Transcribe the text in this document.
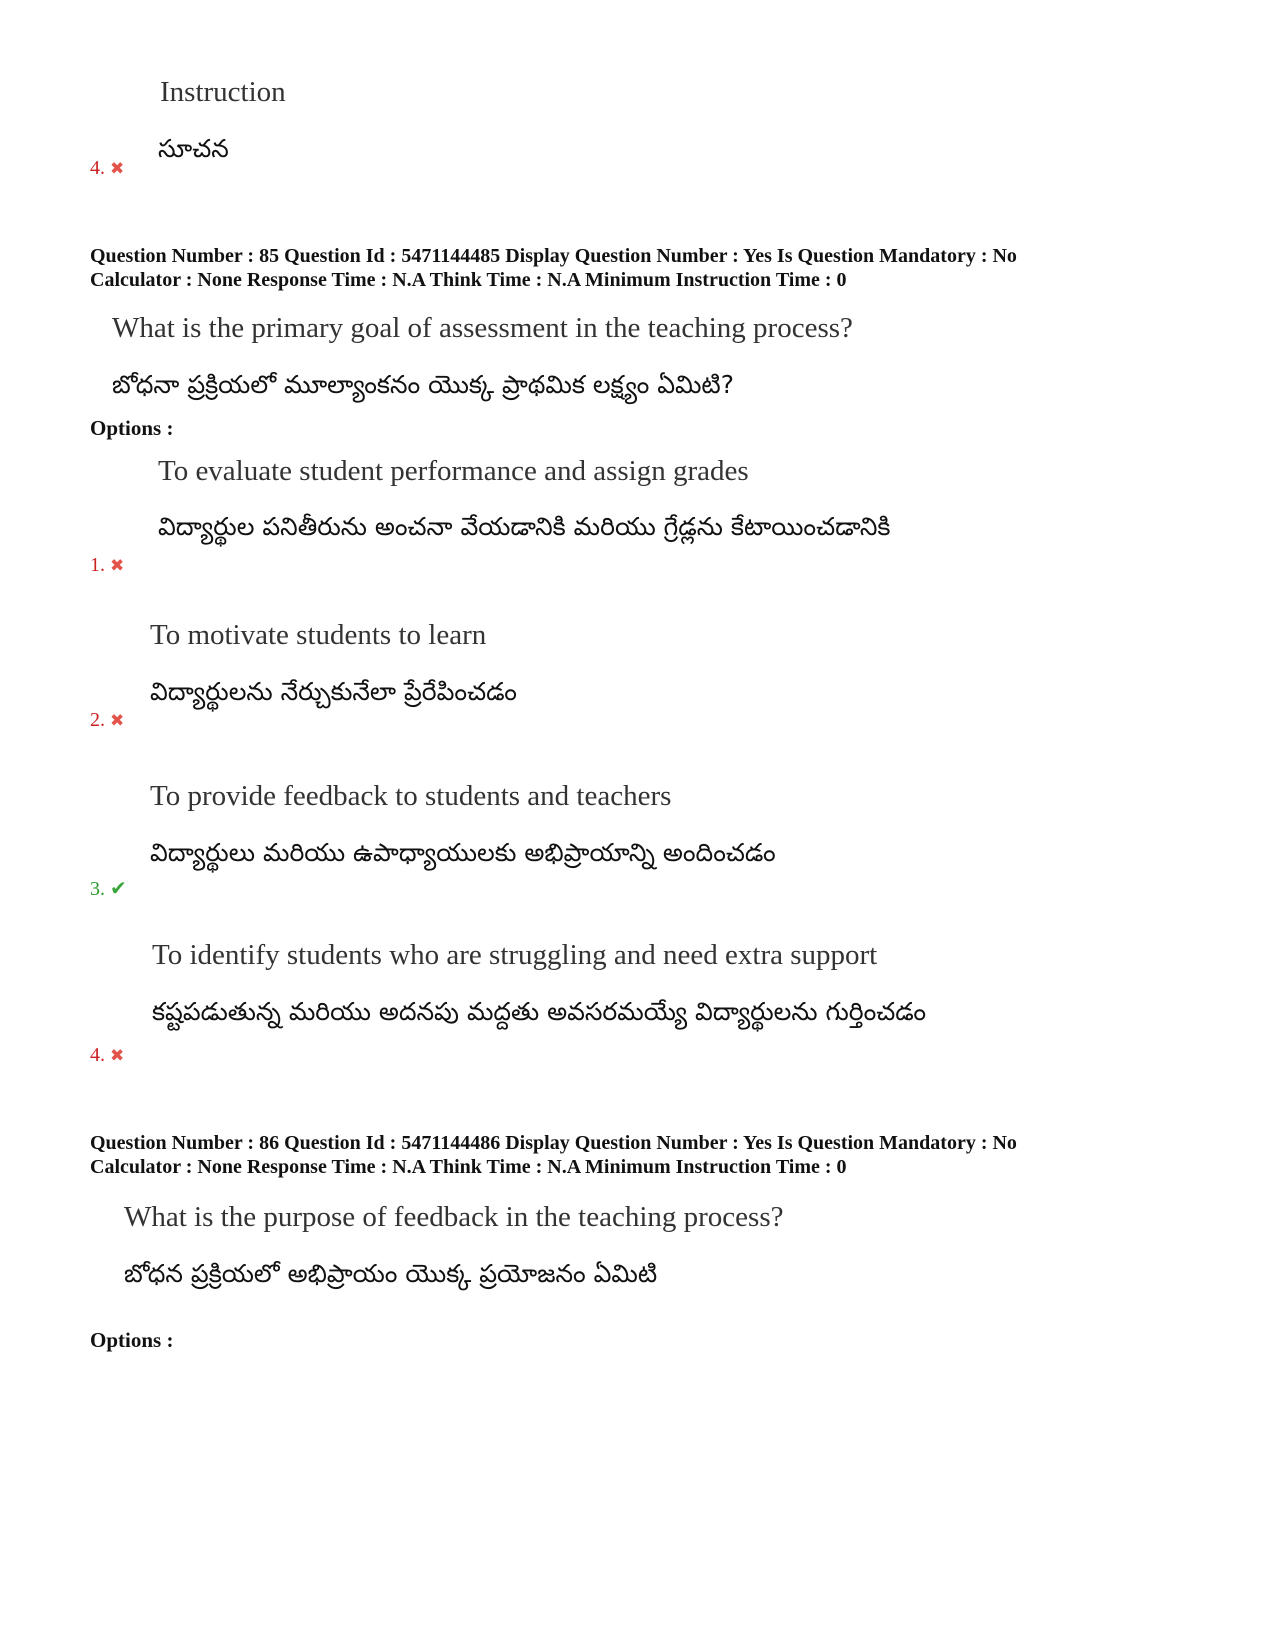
Instruction
సూచన
4. ✖
Question Number : 85 Question Id : 5471144485 Display Question Number : Yes Is Question Mandatory : No
Calculator : None Response Time : N.A Think Time : N.A Minimum Instruction Time : 0
What is the primary goal of assessment in the teaching process?
బోధనా ప్రక్రియలో మూల్యాంకనం యొక్క ప్రాథమిక లక్ష్యం ఏమిటి?
Options :
To evaluate student performance and assign grades
విద్యార్థుల పనితీరును అంచనా వేయడానికి మరియు గ్రేడ్లను కేటాయించడానికి
1. ✖
To motivate students to learn
విద్యార్థులను నేర్చుకునేలా ప్రేరేపించడం
2. ✖
To provide feedback to students and teachers
విద్యార్థులు మరియు ఉపాధ్యాయులకు అభిప్రాయాన్ని అందించడం
3. ✔
To identify students who are struggling and need extra support
కష్టపడుతున్న మరియు అదనపు మద్దతు అవసరమయ్యే విద్యార్థులను గుర్తించడం
4. ✖
Question Number : 86 Question Id : 5471144486 Display Question Number : Yes Is Question Mandatory : No
Calculator : None Response Time : N.A Think Time : N.A Minimum Instruction Time : 0
What is the purpose of feedback in the teaching process?
బోధన ప్రక్రియలో అభిప్రాయం యొక్క ప్రయోజనం ఏమిటి
Options :
